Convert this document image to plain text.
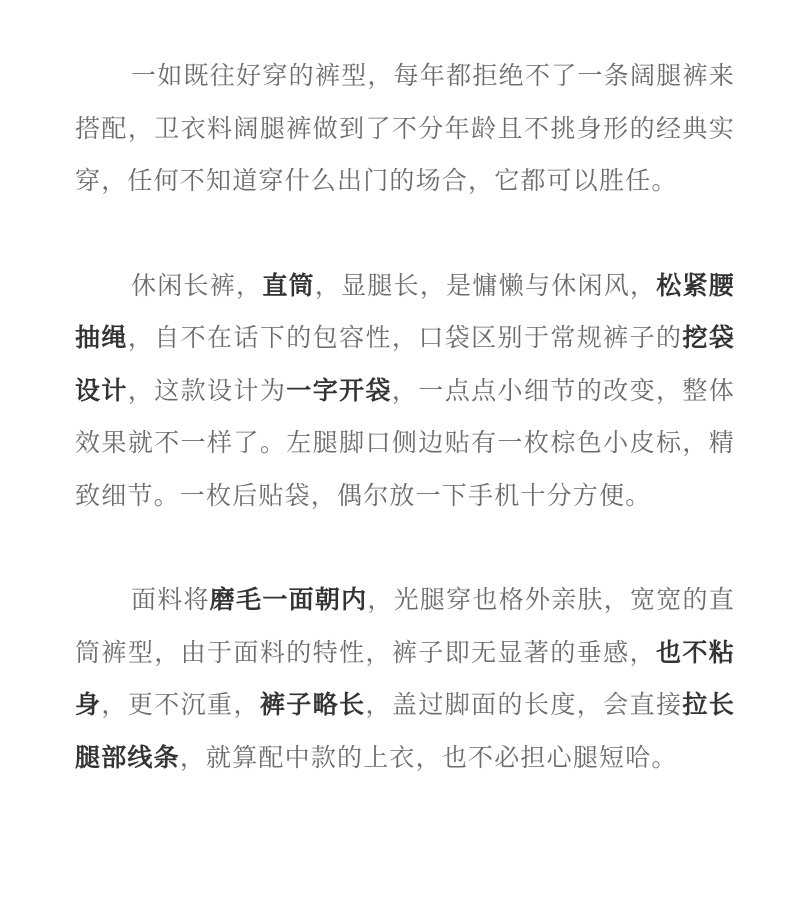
一如既往好穿的裤型，每年都拒绝不了一条阔腿裤来搭配，卫衣料阔腿裤做到了不分年龄且不挑身形的经典实穿，任何不知道穿什么出门的场合，它都可以胜任。

休闲长裤，直筒，显腿长，是慵懒与休闲风，松紧腰抽绳，自不在话下的包容性，口袋区别于常规裤子的挖袋设计，这款设计为一字开袋，一点点小细节的改变，整体效果就不一样了。左腿脚口侧边贴有一枚棕色小皮标，精致细节。一枚后贴袋，偶尔放一下手机十分方便。

面料将磨毛一面朝内，光腿穿也格外亲肤，宽宽的直筒裤型，由于面料的特性，裤子即无显著的垂感，也不粘身，更不沉重，裤子略长，盖过脚面的长度，会直接拉长腿部线条，就算配中款的上衣，也不必担心腿短哈。
